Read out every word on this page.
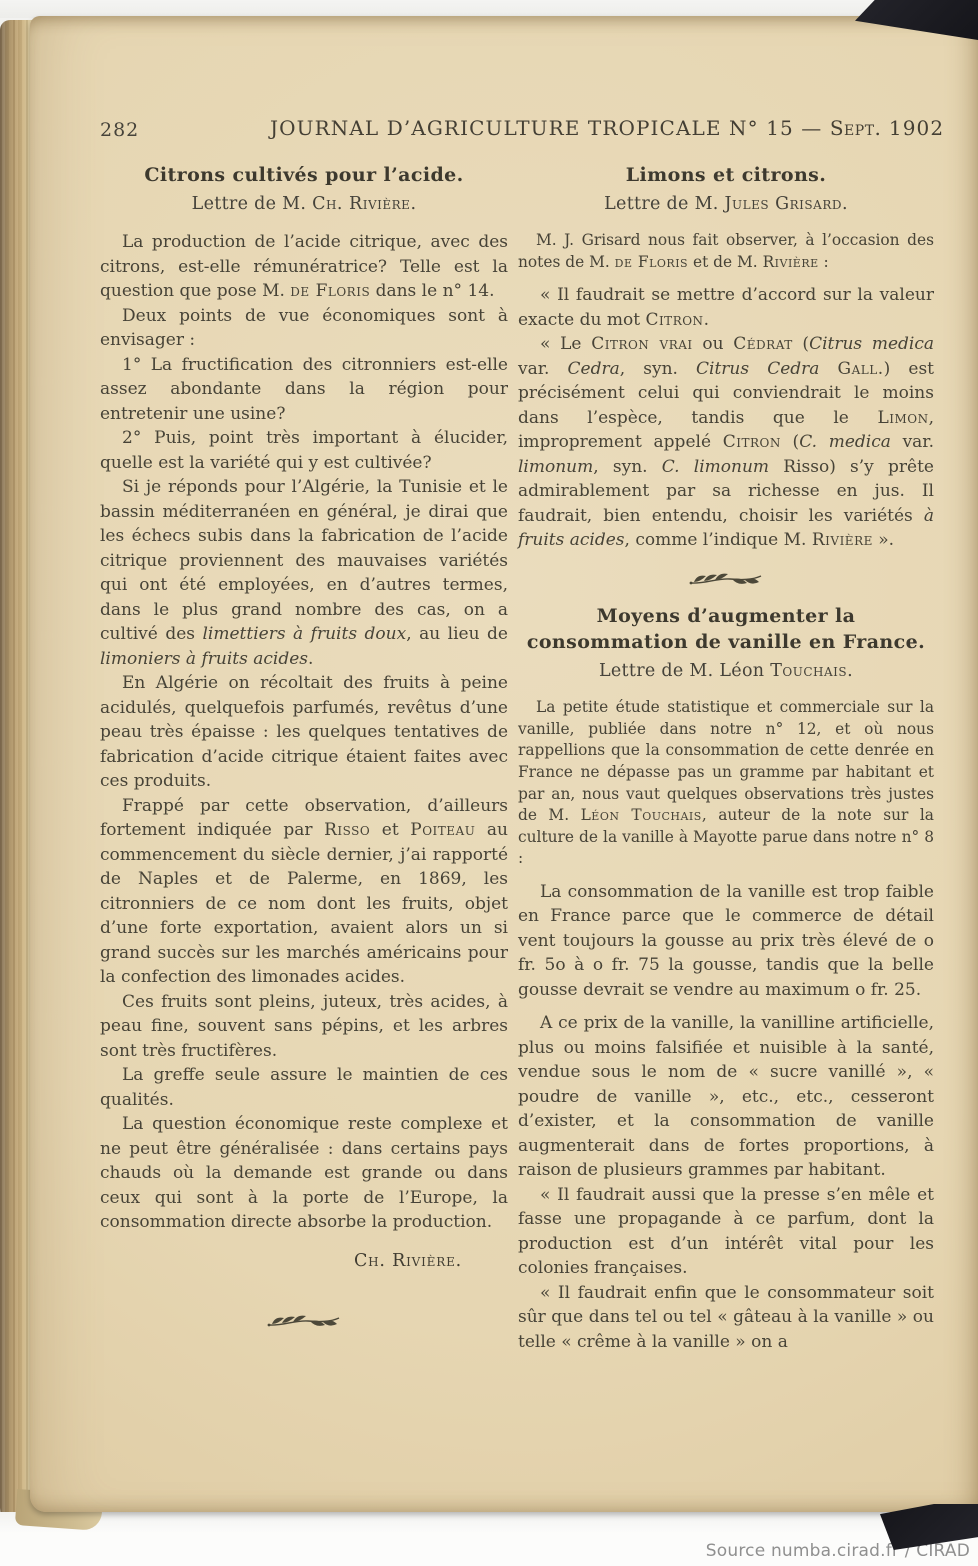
282	JOURNAL D’AGRICULTURE TROPICALE N° 15 — Sept. 1902
Citrons cultivés pour l’acide.
Lettre de M. Ch. Rivière.

La production de l’acide citrique, avec des citrons, est-elle rémunératrice? Telle est la question que pose M. de Floris dans le n° 14.

Deux points de vue économiques sont à envisager :

1° La fructification des citronniers est-elle assez abondante dans la région pour entretenir une usine?

2° Puis, point très important à élucider, quelle est la variété qui y est cultivée?

Si je réponds pour l’Algérie, la Tunisie et le bassin méditerranéen en général, je dirai que les échecs subis dans la fabrication de l’acide citrique proviennent des mauvaises variétés qui ont été employées, en d’autres termes, dans le plus grand nombre des cas, on a cultivé des limettiers à fruits doux, au lieu de limoniers à fruits acides.

En Algérie on récoltait des fruits à peine acidulés, quelquefois parfumés, revêtus d’une peau très épaisse : les quelques tentatives de fabrication d’acide citrique étaient faites avec ces produits.

Frappé par cette observation, d’ailleurs fortement indiquée par Risso et Poiteau au commencement du siècle dernier, j’ai rapporté de Naples et de Palerme, en 1869, les citronniers de ce nom dont les fruits, objet d’une forte exportation, avaient alors un si grand succès sur les marchés américains pour la confection des limonades acides.

Ces fruits sont pleins, juteux, très acides, à peau fine, souvent sans pépins, et les arbres sont très fructifères.

La greffe seule assure le maintien de ces qualités.

La question économique reste complexe et ne peut être généralisée : dans certains pays chauds où la demande est grande ou dans ceux qui sont à la porte de l’Europe, la consommation directe absorbe la production.

Ch. Rivière.
Limons et citrons.
Lettre de M. Jules Grisard.

M. J. Grisard nous fait observer, à l’occasion des notes de M. de Floris et de M. Rivière :

« Il faudrait se mettre d’accord sur la valeur exacte du mot Citron.

« Le Citron vrai ou Cédrat (Citrus medica var. Cedra, syn. Citrus Cedra Gall.) est précisément celui qui conviendrait le moins dans l’espèce, tandis que le Limon, improprement appelé Citron (C. medica var. limonum, syn. C. limonum Risso) s’y prête admirablement par sa richesse en jus. Il faudrait, bien entendu, choisir les variétés à fruits acides, comme l’indique M. Rivière ».

Moyens d’augmenter la consommation de vanille en France.
Lettre de M. Léon Touchais.

La petite étude statistique et commerciale sur la vanille, publiée dans notre n° 12, et où nous rappellions que la consommation de cette denrée en France ne dépasse pas un gramme par habitant et par an, nous vaut quelques observations très justes de M. Léon Touchais, auteur de la note sur la culture de la vanille à Mayotte parue dans notre n° 8 :

La consommation de la vanille est trop faible en France parce que le commerce de détail vent toujours la gousse au prix très élevé de o fr. 5o à o fr. 75 la gousse, tandis que la belle gousse devrait se vendre au maximum o fr. 25.

A ce prix de la vanille, la vanilline artificielle, plus ou moins falsifiée et nuisible à la santé, vendue sous le nom de « sucre vanillé », « poudre de vanille », etc., etc., cesseront d’exister, et la consommation de vanille augmenterait dans de fortes proportions, à raison de plusieurs grammes par habitant.

« Il faudrait aussi que la presse s’en mêle et fasse une propagande à ce parfum, dont la production est d’un intérêt vital pour les colonies françaises.

« Il faudrait enfin que le consommateur soit sûr que dans tel ou tel « gâteau à la vanille » ou telle « crême à la vanille » on a

Source numba.cirad.fr / CIRAD
